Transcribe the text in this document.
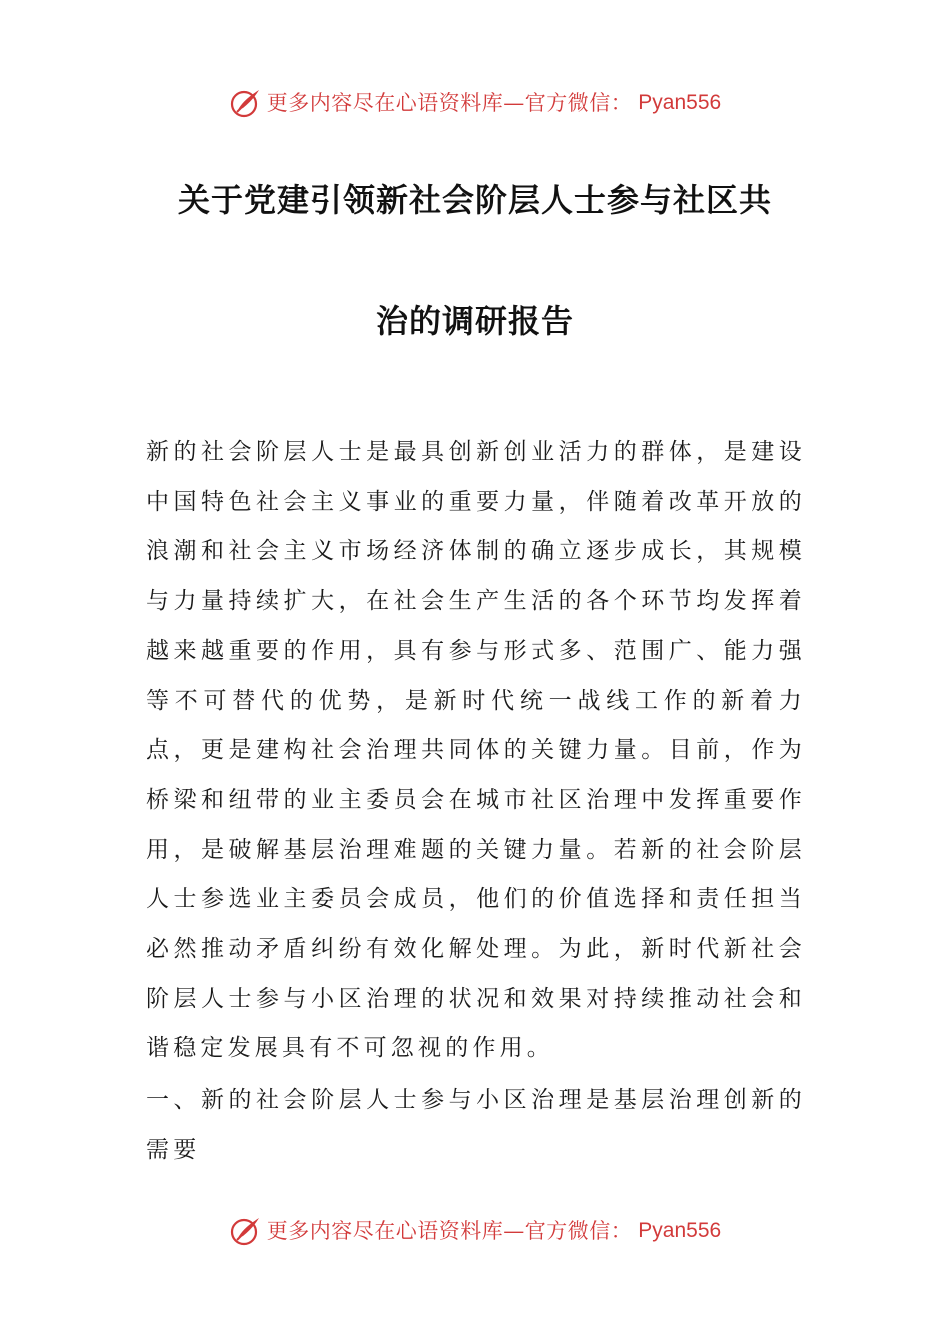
更多内容尽在心语资料库—官方微信： Pyan556
关于党建引领新社会阶层人士参与社区共
治的调研报告

新的社会阶层人士是最具创新创业活力的群体，是建设中国特色社会主义事业的重要力量，伴随着改革开放的浪潮和社会主义市场经济体制的确立逐步成长，其规模与力量持续扩大，在社会生产生活的各个环节均发挥着越来越重要的作用，具有参与形式多、范围广、能力强等不可替代的优势，是新时代统一战线工作的新着力点，更是建构社会治理共同体的关键力量。目前，作为桥梁和纽带的业主委员会在城市社区治理中发挥重要作用，是破解基层治理难题的关键力量。若新的社会阶层人士参选业主委员会成员，他们的价值选择和责任担当必然推动矛盾纠纷有效化解处理。为此，新时代新社会阶层人士参与小区治理的状况和效果对持续推动社会和谐稳定发展具有不可忽视的作用。

一、新的社会阶层人士参与小区治理是基层治理创新的需要

更多内容尽在心语资料库—官方微信： Pyan556
